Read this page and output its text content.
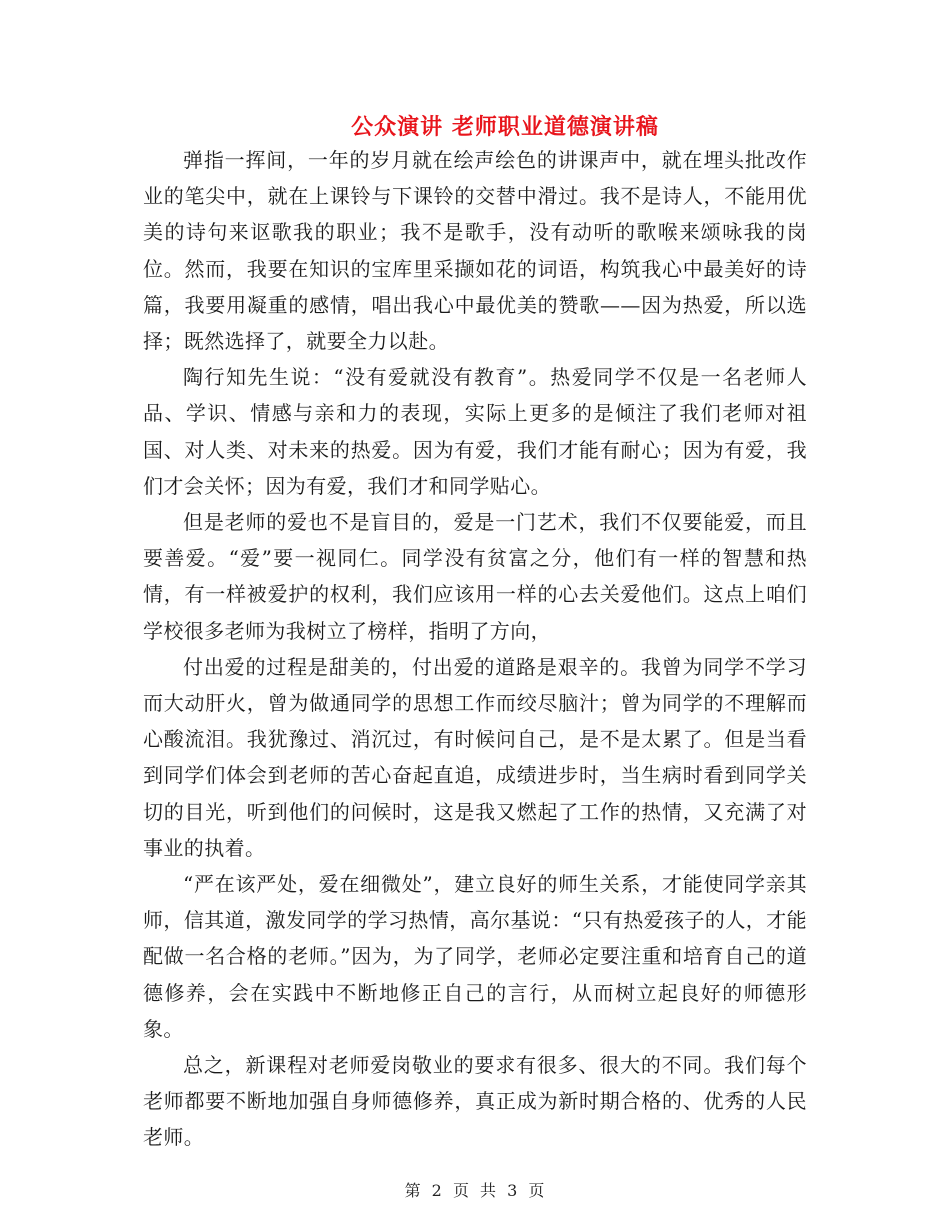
公众演讲 老师职业道德演讲稿

弹指一挥间，一年的岁月就在绘声绘色的讲课声中，就在埋头批改作业的笔尖中，就在上课铃与下课铃的交替中滑过。我不是诗人，不能用优美的诗句来讴歌我的职业；我不是歌手，没有动听的歌喉来颂咏我的岗位。然而，我要在知识的宝库里采撷如花的词语，构筑我心中最美好的诗篇，我要用凝重的感情，唱出我心中最优美的赞歌——因为热爱，所以选择；既然选择了，就要全力以赴。

陶行知先生说：“没有爱就没有教育”。热爱同学不仅是一名老师人品、学识、情感与亲和力的表现，实际上更多的是倾注了我们老师对祖国、对人类、对未来的热爱。因为有爱，我们才能有耐心；因为有爱，我们才会关怀；因为有爱，我们才和同学贴心。

但是老师的爱也不是盲目的，爱是一门艺术，我们不仅要能爱，而且要善爱。“爱”要一视同仁。同学没有贫富之分，他们有一样的智慧和热情，有一样被爱护的权利，我们应该用一样的心去关爱他们。这点上咱们学校很多老师为我树立了榜样，指明了方向，

付出爱的过程是甜美的，付出爱的道路是艰辛的。我曾为同学不学习而大动肝火，曾为做通同学的思想工作而绞尽脑汁；曾为同学的不理解而心酸流泪。我犹豫过、消沉过，有时候问自己，是不是太累了。但是当看到同学们体会到老师的苦心奋起直追，成绩进步时，当生病时看到同学关切的目光，听到他们的问候时，这是我又燃起了工作的热情，又充满了对事业的执着。

“严在该严处，爱在细微处”，建立良好的师生关系，才能使同学亲其师，信其道，激发同学的学习热情，高尔基说：“只有热爱孩子的人，才能配做一名合格的老师。”因为，为了同学，老师必定要注重和培育自己的道德修养，会在实践中不断地修正自己的言行，从而树立起良好的师德形象。

总之，新课程对老师爱岗敬业的要求有很多、很大的不同。我们每个老师都要不断地加强自身师德修养，真正成为新时期合格的、优秀的人民老师。

第 2 页 共 3 页
